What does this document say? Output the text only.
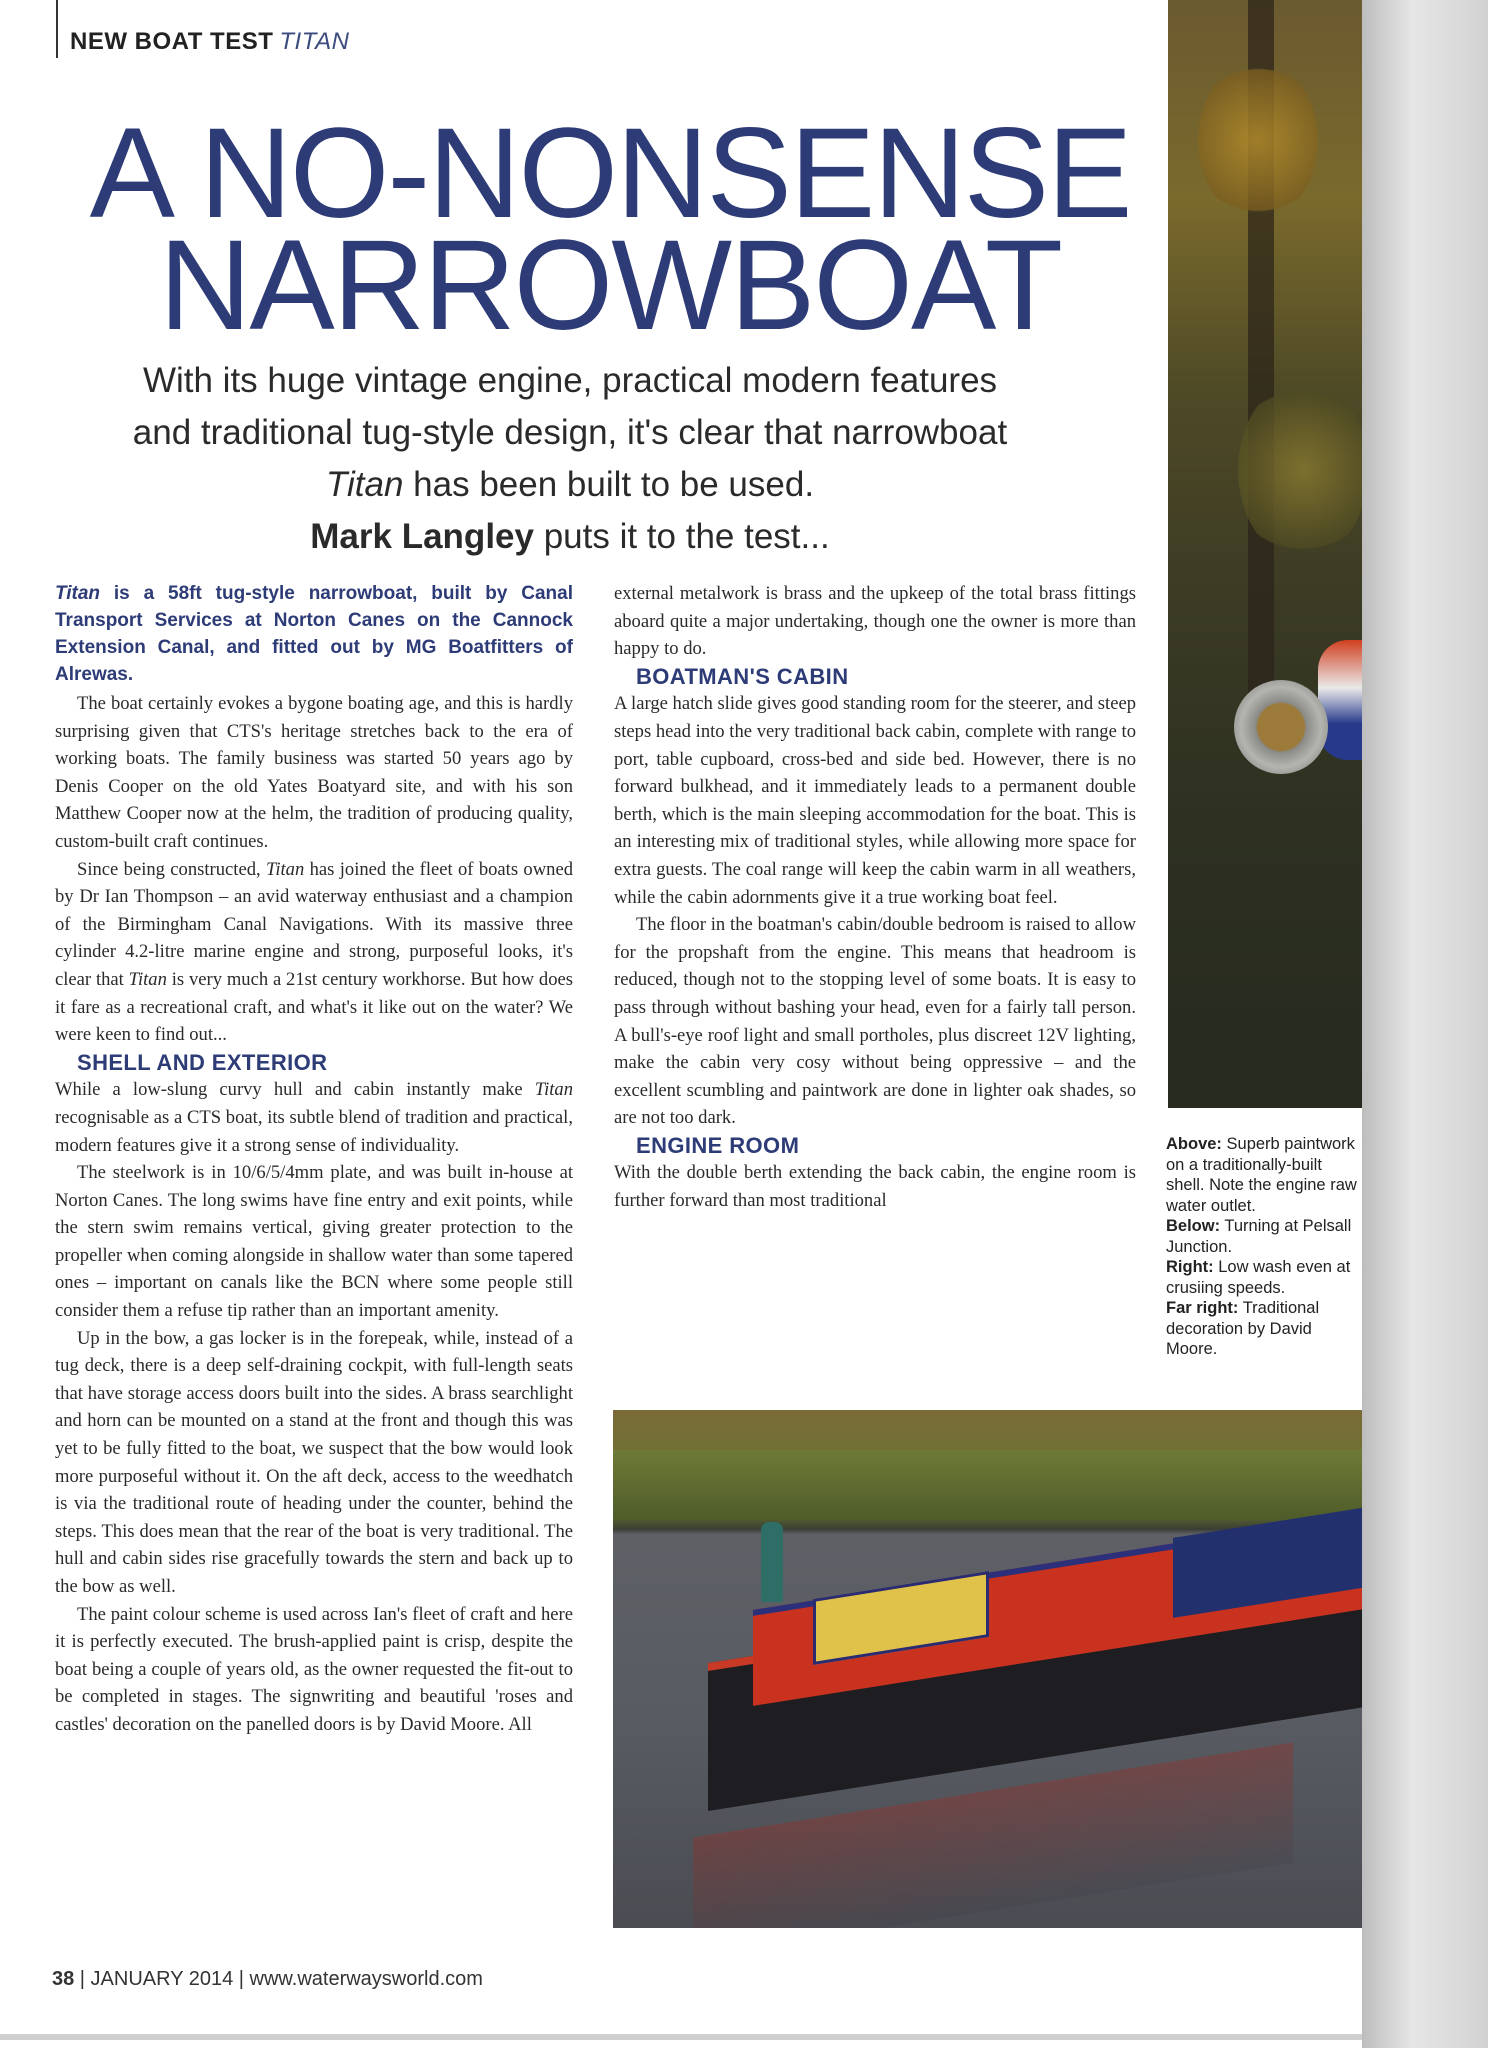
NEW BOAT TEST TITAN
A NO-NONSENSE
NARROWBOAT
With its huge vintage engine, practical modern features and traditional tug-style design, it's clear that narrowboat Titan has been built to be used.
Mark Langley puts it to the test...
Titan is a 58ft tug-style narrowboat, built by Canal Transport Services at Norton Canes on the Cannock Extension Canal, and fitted out by MG Boatfitters of Alrewas.

The boat certainly evokes a bygone boating age, and this is hardly surprising given that CTS's heritage stretches back to the era of working boats. The family business was started 50 years ago by Denis Cooper on the old Yates Boatyard site, and with his son Matthew Cooper now at the helm, the tradition of producing quality, custom-built craft continues.

Since being constructed, Titan has joined the fleet of boats owned by Dr Ian Thompson – an avid waterway enthusiast and a champion of the Birmingham Canal Navigations. With its massive three cylinder 4.2-litre marine engine and strong, purposeful looks, it's clear that Titan is very much a 21st century workhorse. But how does it fare as a recreational craft, and what's it like out on the water? We were keen to find out...

SHELL AND EXTERIOR

While a low-slung curvy hull and cabin instantly make Titan recognisable as a CTS boat, its subtle blend of tradition and practical, modern features give it a strong sense of individuality.

The steelwork is in 10/6/5/4mm plate, and was built in-house at Norton Canes. The long swims have fine entry and exit points, while the stern swim remains vertical, giving greater protection to the propeller when coming alongside in shallow water than some tapered ones – important on canals like the BCN where some people still consider them a refuse tip rather than an important amenity.

Up in the bow, a gas locker is in the forepeak, while, instead of a tug deck, there is a deep self-draining cockpit, with full-length seats that have storage access doors built into the sides. A brass searchlight and horn can be mounted on a stand at the front and though this was yet to be fully fitted to the boat, we suspect that the bow would look more purposeful without it. On the aft deck, access to the weedhatch is via the traditional route of heading under the counter, behind the steps. This does mean that the rear of the boat is very traditional. The hull and cabin sides rise gracefully towards the stern and back up to the bow as well.

The paint colour scheme is used across Ian's fleet of craft and here it is perfectly executed. The brush-applied paint is crisp, despite the boat being a couple of years old, as the owner requested the fit-out to be completed in stages. The signwriting and beautiful 'roses and castles' decoration on the panelled doors is by David Moore. All

external metalwork is brass and the upkeep of the total brass fittings aboard quite a major undertaking, though one the owner is more than happy to do.

BOATMAN'S CABIN

A large hatch slide gives good standing room for the steerer, and steep steps head into the very traditional back cabin, complete with range to port, table cupboard, cross-bed and side bed. However, there is no forward bulkhead, and it immediately leads to a permanent double berth, which is the main sleeping accommodation for the boat. This is an interesting mix of traditional styles, while allowing more space for extra guests. The coal range will keep the cabin warm in all weathers, while the cabin adornments give it a true working boat feel.

The floor in the boatman's cabin/double bedroom is raised to allow for the propshaft from the engine. This means that headroom is reduced, though not to the stopping level of some boats. It is easy to pass through without bashing your head, even for a fairly tall person. A bull's-eye roof light and small portholes, plus discreet 12V lighting, make the cabin very cosy without being oppressive – and the excellent scumbling and paintwork are done in lighter oak shades, so are not too dark.

ENGINE ROOM

With the double berth extending the back cabin, the engine room is further forward than most traditional

Above: Superb paintwork on a traditionally-built shell. Note the engine raw water outlet.
Below: Turning at Pelsall Junction.
Right: Low wash even at crusiing speeds.
Far right: Traditional decoration by David Moore.
38 | JANUARY 2014 | www.waterwaysworld.com
